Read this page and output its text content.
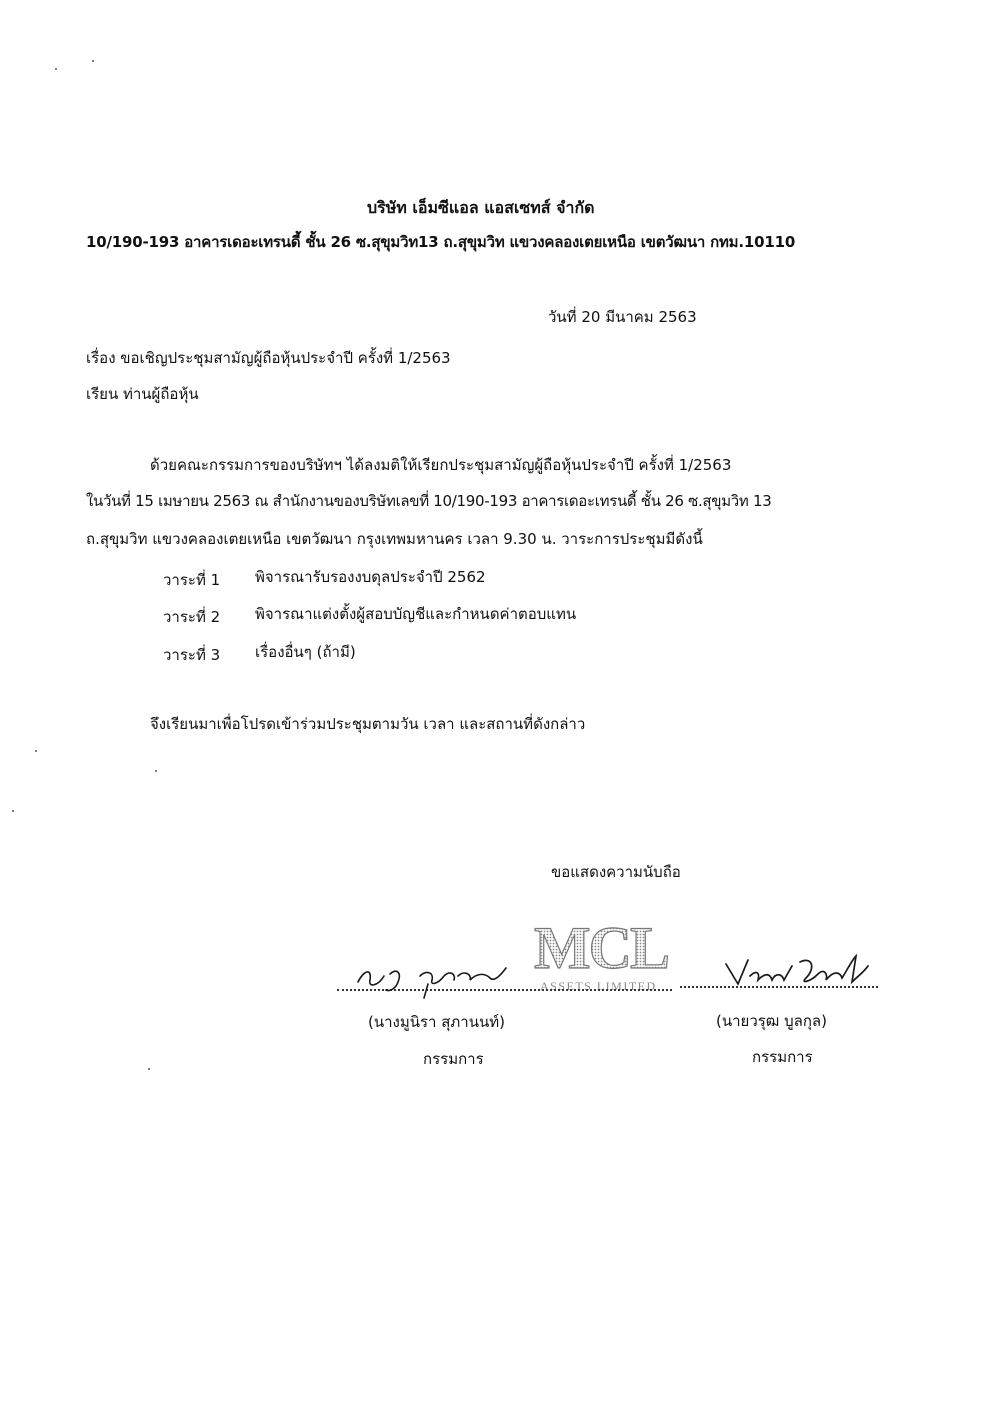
บริษัท เอ็มซีแอล แอสเซทส์ จำกัด
10/190-193 อาคารเดอะเทรนดี้ ชั้น 26 ซ.สุขุมวิท13 ถ.สุขุมวิท แขวงคลองเตยเหนือ เขตวัฒนา กทม.10110
วันที่ 20 มีนาคม 2563
เรื่อง ขอเชิญประชุมสามัญผู้ถือหุ้นประจำปี ครั้งที่ 1/2563
เรียน ท่านผู้ถือหุ้น
ด้วยคณะกรรมการของบริษัทฯ ได้ลงมติให้เรียกประชุมสามัญผู้ถือหุ้นประจำปี ครั้งที่ 1/2563
ในวันที่ 15 เมษายน 2563 ณ สำนักงานของบริษัทเลขที่ 10/190-193 อาคารเดอะเทรนดี้ ชั้น 26 ซ.สุขุมวิท 13
ถ.สุขุมวิท แขวงคลองเตยเหนือ เขตวัฒนา กรุงเทพมหานคร เวลา 9.30 น. วาระการประชุมมีดังนี้
วาระที่ 1 พิจารณารับรองงบดุลประจำปี 2562
วาระที่ 2 พิจารณาแต่งตั้งผู้สอบบัญชีและกำหนดค่าตอบแทน
วาระที่ 3 เรื่องอื่นๆ (ถ้ามี)
จึงเรียนมาเพื่อโปรดเข้าร่วมประชุมตามวัน เวลา และสถานที่ดังกล่าว
ขอแสดงความนับถือ
MCL
ASSETS LIMITED
(นางมูนิรา สุภานนท์)
กรรมการ
(นายวรุฒ บูลกุล)
กรรมการ
